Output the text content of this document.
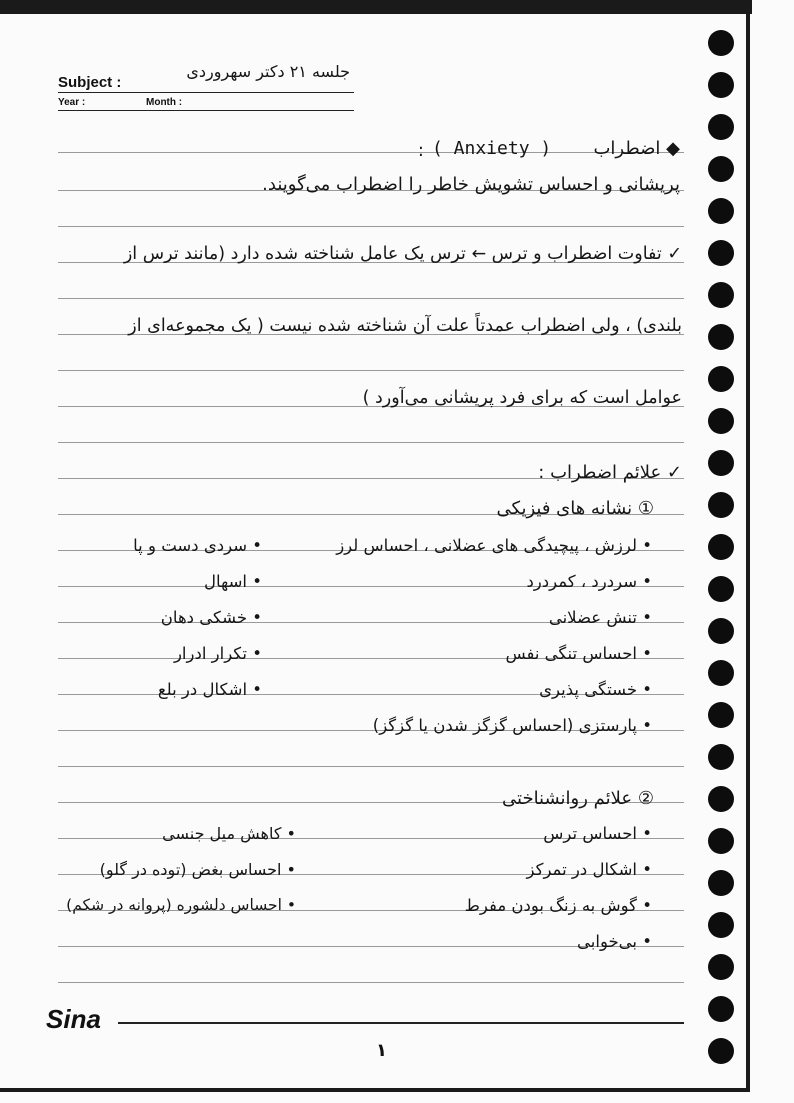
Subject :
جلسه ۲۱ دکتر سهروردی
Year :	Month :
◆ اضطراب
( Anxiety )
:
پریشانی و احساس تشویش خاطر را اضطراب می‌گویند.
✓ تفاوت اضطراب و ترس ← ترس یک عامل شناخته شده دارد (مانند ترس از
بلندی) ، ولی اضطراب عمدتاً علت آن شناخته شده نیست ( یک مجموعه‌ای از
عوامل است که برای فرد پریشانی می‌آورد )
✓ علائم اضطراب :
① نشانه های فیزیکی
• لرزش ، پیچیدگی های عضلانی ، احساس لرز
• سردرد ، کمردرد
• تنش عضلانی
• احساس تنگی نفس
• خستگی پذیری
• پارستزی (احساس گزگز شدن یا گزگز)
• سردی دست و پا
• اسهال
• خشکی دهان
• تکرار ادرار
• اشکال در بلع
② علائم روانشناختی
• احساس ترس
• اشکال در تمرکز
• گوش به زنگ بودن مفرط
• بی‌خوابی
• کاهش میل جنسی
• احساس بغض (توده در گلو)
• احساس دلشوره (پروانه در شکم)
Sina
۱
